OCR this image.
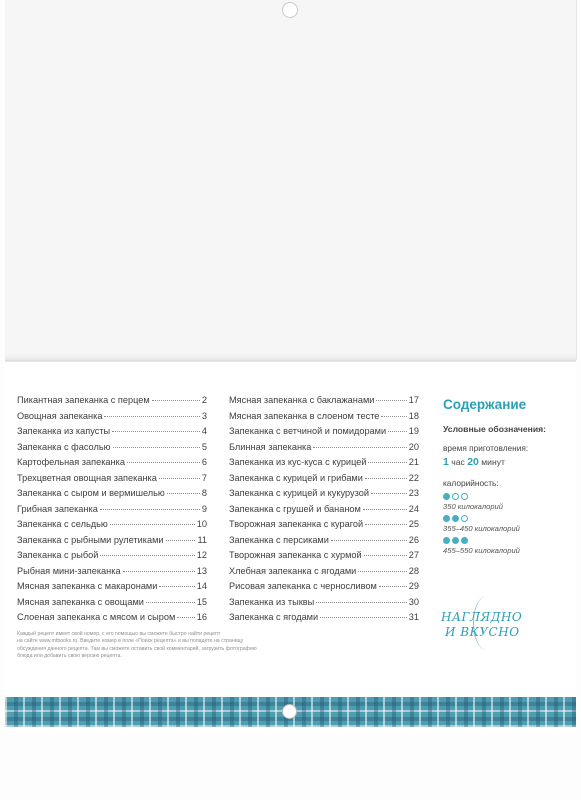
Пикантная запеканка с перцем	2
Овощная запеканка	3
Запеканка из капусты	4
Запеканка с фасолью	5
Картофельная запеканка	6
Трехцветная овощная запеканка	7
Запеканка с сыром и вермишелью	8
Грибная запеканка	9
Запеканка с сельдью	10
Запеканка с рыбными рулетиками	11
Запеканка с рыбой	12
Рыбная мини-запеканка	13
Мясная запеканка с макаронами	14
Мясная запеканка с овощами	15
Слоеная запеканка с мясом и сыром 16
Мясная запеканка с баклажанами	17
Мясная запеканка в слоеном тесте	18
Запеканка с ветчиной и помидорами 19
Блинная запеканка	20
Запеканка из кус-куса с курицей	21
Запеканка с курицей и грибами	22
Запеканка с курицей и кукурузой	23
Запеканка с грушей и бананом	24
Творожная запеканка с курагой	25
Запеканка с персиками	26
Творожная запеканка с хурмой	27
Хлебная запеканка с ягодами	28
Рисовая запеканка с черносливом	29
Запеканка из тыквы	30
Запеканка с ягодами	31
Содержание
Условные обозначения:
время приготовления:
1 час 20 минут
калорийность:
350 килокалорий
355–450 килокалорий
455–550 килокалорий
НАГЛЯДНО
И ВКУСНО
Каждый рецепт имеет свой номер, с его помощью вы сможете быстро найти рецепт
на сайте www.mtbooks.ru. Введите номер в поле «Поиск рецепта» и вы попадете на страницу
обсуждения данного рецепта. Там вы сможете оставить свой комментарий, загрузить фотографию
блюда или добавить свою версию рецепта.
